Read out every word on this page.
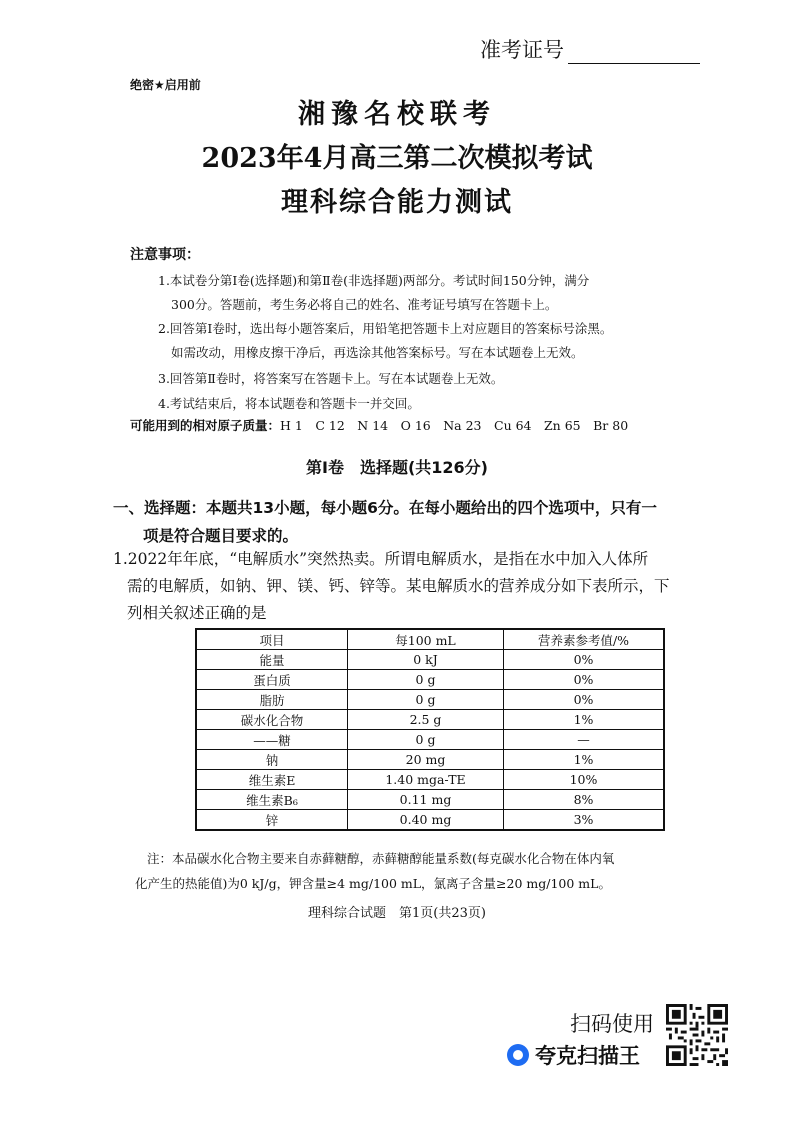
准考证号
绝密★启用前
湘豫名校联考
2023年4月高三第二次模拟考试
理科综合能力测试
注意事项：
1.本试卷分第Ⅰ卷(选择题)和第Ⅱ卷(非选择题)两部分。考试时间150分钟，满分
300分。答题前，考生务必将自己的姓名、准考证号填写在答题卡上。
2.回答第Ⅰ卷时，选出每小题答案后，用铅笔把答题卡上对应题目的答案标号涂黑。
如需改动，用橡皮擦干净后，再选涂其他答案标号。写在本试题卷上无效。
3.回答第Ⅱ卷时，将答案写在答题卡上。写在本试题卷上无效。
4.考试结束后，将本试题卷和答题卡一并交回。
可能用到的相对原子质量：H 1　C 12　N 14　O 16　Na 23　Cu 64　Zn 65　Br 80
第Ⅰ卷　选择题(共126分)
一、选择题：本题共13小题，每小题6分。在每小题给出的四个选项中，只有一
项是符合题目要求的。
1.2022年年底，“电解质水”突然热卖。所谓电解质水，是指在水中加入人体所
需的电解质，如钠、钾、镁、钙、锌等。某电解质水的营养成分如下表所示，下
列相关叙述正确的是
项目	每100 mL	营养素参考值/%
能量	0 kJ	0%
蛋白质	0 g	0%
脂肪	0 g	0%
碳水化合物	2.5 g	1%
——糖	0 g	—
钠	20 mg	1%
维生素E	1.40 mga-TE	10%
维生素B₆	0.11 mg	8%
锌	0.40 mg	3%
注：本品碳水化合物主要来自赤藓糖醇，赤藓糖醇能量系数(每克碳水化合物在体内氧
化产生的热能值)为0 kJ/g，钾含量≥4 mg/100 mL，氯离子含量≥20 mg/100 mL。
理科综合试题　第1页(共23页)
扫码使用
夸克扫描王
